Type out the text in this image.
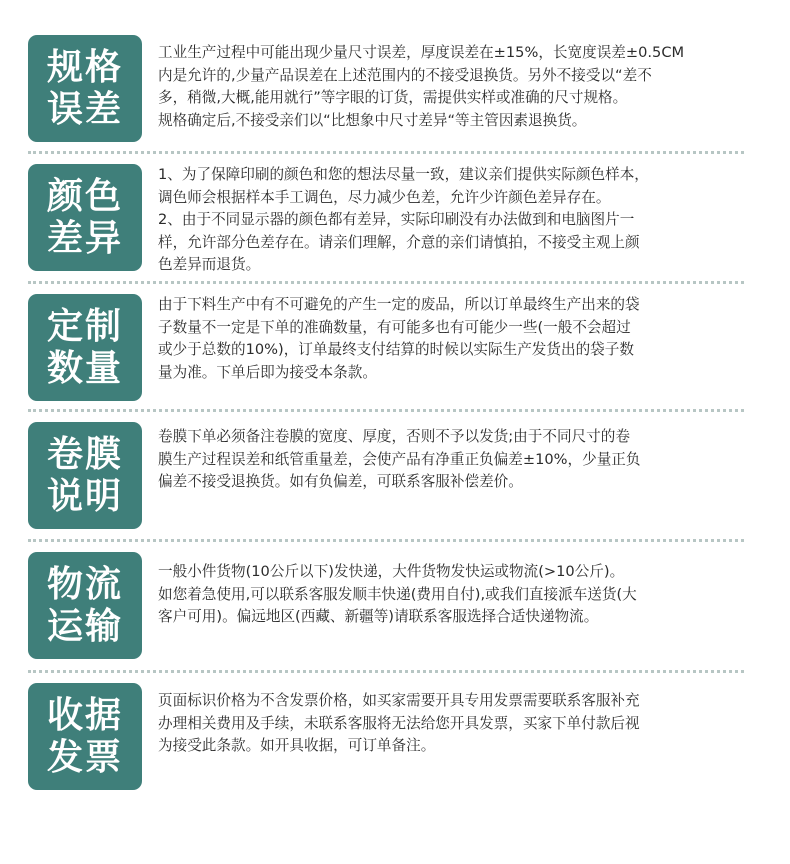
规格
误差
工业生产过程中可能出现少量尺寸误差，厚度误差在±15%，长宽度误差±0.5CM
内是允许的,少量产品误差在上述范围内的不接受退换货。另外不接受以“差不
多，稍微,大概,能用就行”等字眼的订货，需提供实样或准确的尺寸规格。
规格确定后,不接受亲们以“比想象中尺寸差异“等主管因素退换货。
颜色
差异
1、为了保障印刷的颜色和您的想法尽量一致，建议亲们提供实际颜色样本，
调色师会根据样本手工调色，尽力减少色差，允许少许颜色差异存在。
2、由于不同显示器的颜色都有差异，实际印刷没有办法做到和电脑图片一
样，允许部分色差存在。请亲们理解，介意的亲们请慎拍，不接受主观上颜
色差异而退货。
定制
数量
由于下料生产中有不可避免的产生一定的废品，所以订单最终生产出来的袋
子数量不一定是下单的准确数量，有可能多也有可能少一些(一般不会超过
或少于总数的10%)，订单最终支付结算的时候以实际生产发货出的袋子数
量为准。下单后即为接受本条款。
卷膜
说明
卷膜下单必须备注卷膜的宽度、厚度，否则不予以发货;由于不同尺寸的卷
膜生产过程误差和纸管重量差，会使产品有净重正负偏差±10%，少量正负
偏差不接受退换货。如有负偏差，可联系客服补偿差价。
物流
运输
一般小件货物(10公斤以下)发快递，大件货物发快运或物流(>10公斤)。
如您着急使用,可以联系客服发顺丰快递(费用自付),或我们直接派车送货(大
客户可用)。偏远地区(西藏、新疆等)请联系客服选择合适快递物流。
收据
发票
页面标识价格为不含发票价格，如买家需要开具专用发票需要联系客服补充
办理相关费用及手续，未联系客服将无法给您开具发票，买家下单付款后视
为接受此条款。如开具收据，可订单备注。
